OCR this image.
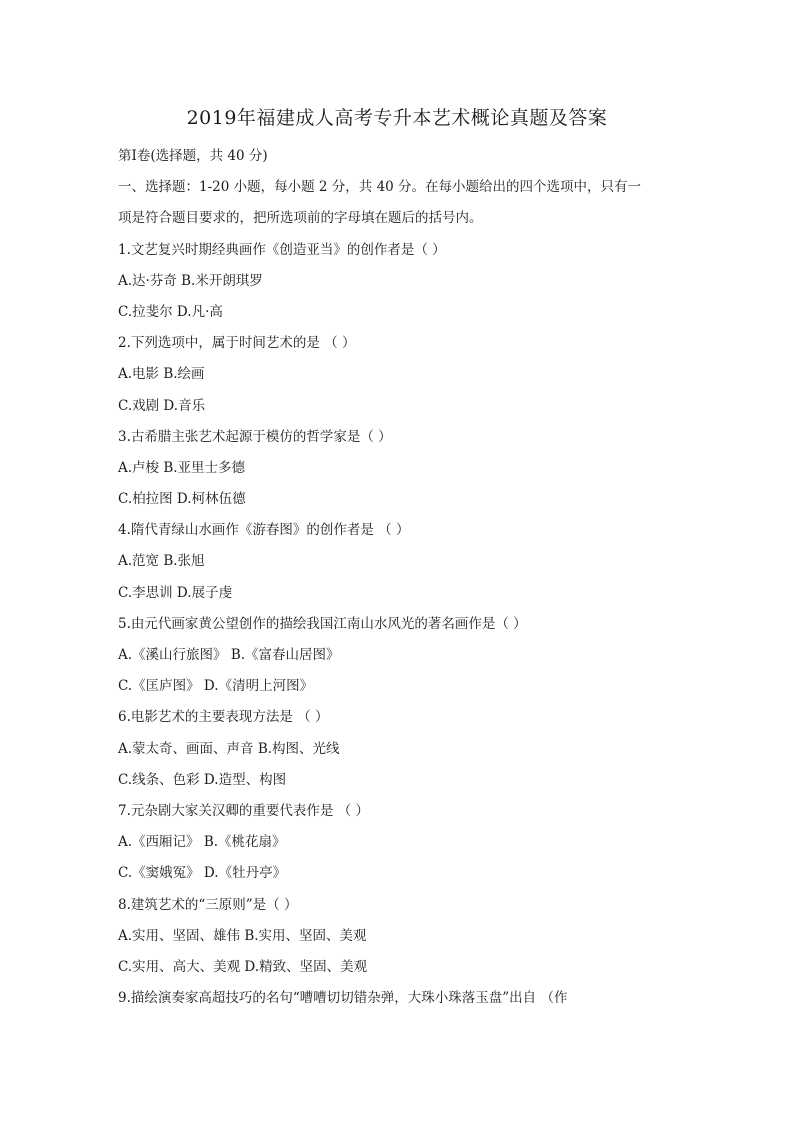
2019年福建成人高考专升本艺术概论真题及答案
第Ⅰ卷(选择题，共 40 分)
一、选择题：1-20 小题，每小题 2 分，共 40 分。在每小题给出的四个选项中，只有一
项是符合题目要求的，把所选项前的字母填在题后的括号内。
1.文艺复兴时期经典画作《创造亚当》的创作者是（ ）
A.达·芬奇 B.米开朗琪罗
C.拉斐尔 D.凡·高
2.下列选项中，属于时间艺术的是 （ ）
A.电影 B.绘画
C.戏剧 D.音乐
3.古希腊主张艺术起源于模仿的哲学家是（ ）
A.卢梭 B.亚里士多德
C.柏拉图 D.柯林伍德
4.隋代青绿山水画作《游春图》的创作者是 （ ）
A.范宽 B.张旭
C.李思训 D.展子虔
5.由元代画家黄公望创作的描绘我国江南山水风光的著名画作是（ ）
A.《溪山行旅图》 B.《富春山居图》
C.《匡庐图》 D.《清明上河图》
6.电影艺术的主要表现方法是 （ ）
A.蒙太奇、画面、声音 B.构图、光线
C.线条、色彩 D.造型、构图
7.元杂剧大家关汉卿的重要代表作是 （ ）
A.《西厢记》 B.《桃花扇》
C.《窦娥冤》 D.《牡丹亭》
8.建筑艺术的“三原则”是（ ）
A.实用、坚固、雄伟 B.实用、坚固、美观
C.实用、高大、美观 D.精致、坚固、美观
9.描绘演奏家高超技巧的名句“嘈嘈切切错杂弹，大珠小珠落玉盘”出自 （作
